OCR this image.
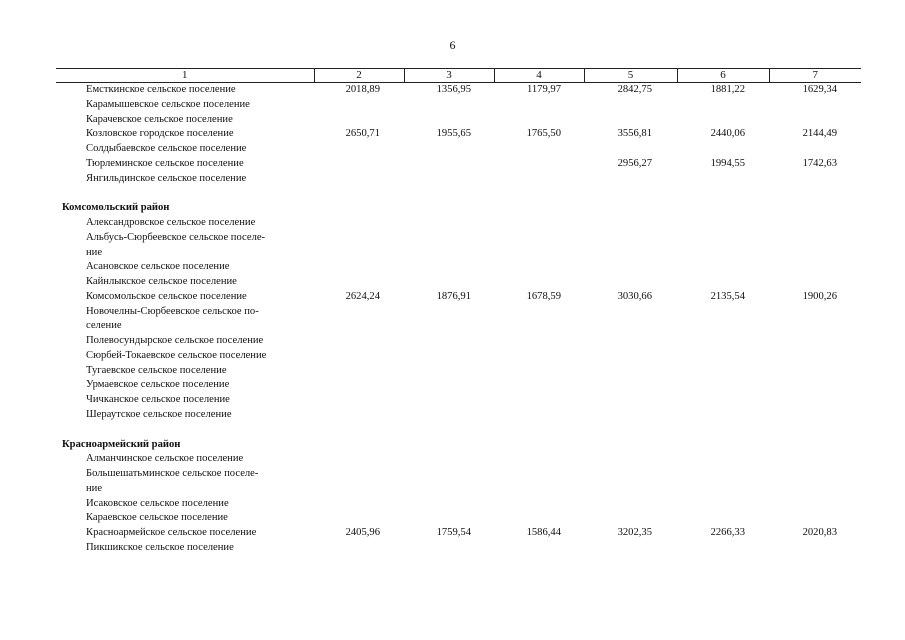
6
1	2	3	4	5	6	7
Емсткинское сельское поселение	2018,89	1356,95	1179,97	2842,75	1881,22	1629,34
Карамышевское сельское поселение						
Карачевское сельское поселение						
Козловское городское поселение	2650,71	1955,65	1765,50	3556,81	2440,06	2144,49
Солдыбаевское сельское поселение						
Тюрлеминское сельское поселение				2956,27	1994,55	1742,63
Янгильдинское сельское поселение						

Комсомольский район						
Александровское сельское поселение						
Альбусь-Сюрбеевское сельское поселе-						
ние						
Асановское сельское поселение						
Кайнлыкское сельское поселение						
Комсомольское сельское поселение	2624,24	1876,91	1678,59	3030,66	2135,54	1900,26
Новочелны-Сюрбеевское сельское по-						
селение						
Полевосундырское сельское поселение						
Сюрбей-Токаевское сельское поселение						
Тугаевское сельское поселение						
Урмаевское сельское поселение						
Чичканское сельское поселение						
Шераутское сельское поселение						

Красноармейский район						
Алманчинское сельское поселение						
Большешатьминское сельское поселе-						
ние						
Исаковское сельское поселение						
Караевское сельское поселение						
Красноармейское сельское поселение	2405,96	1759,54	1586,44	3202,35	2266,33	2020,83
Пикшикское сельское поселение						
